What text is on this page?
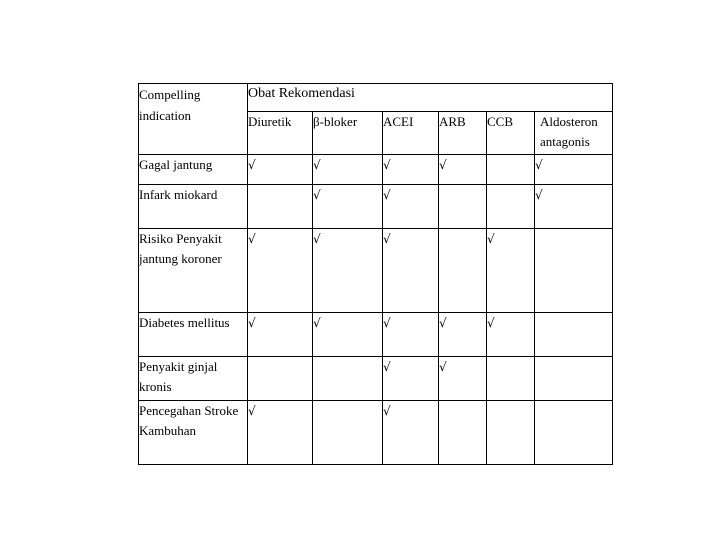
Compelling indication	Obat Rekomendasi					
	Diuretik	β-bloker	ACEI	ARB	CCB	Aldosteron antagonis
Gagal jantung	√	√	√	√		√
Infark miokard		√	√			√
Risiko Penyakit jantung koroner	√	√	√		√	
Diabetes mellitus	√	√	√	√	√	
Penyakit ginjal kronis			√	√		
Pencegahan Stroke Kambuhan	√		√			
